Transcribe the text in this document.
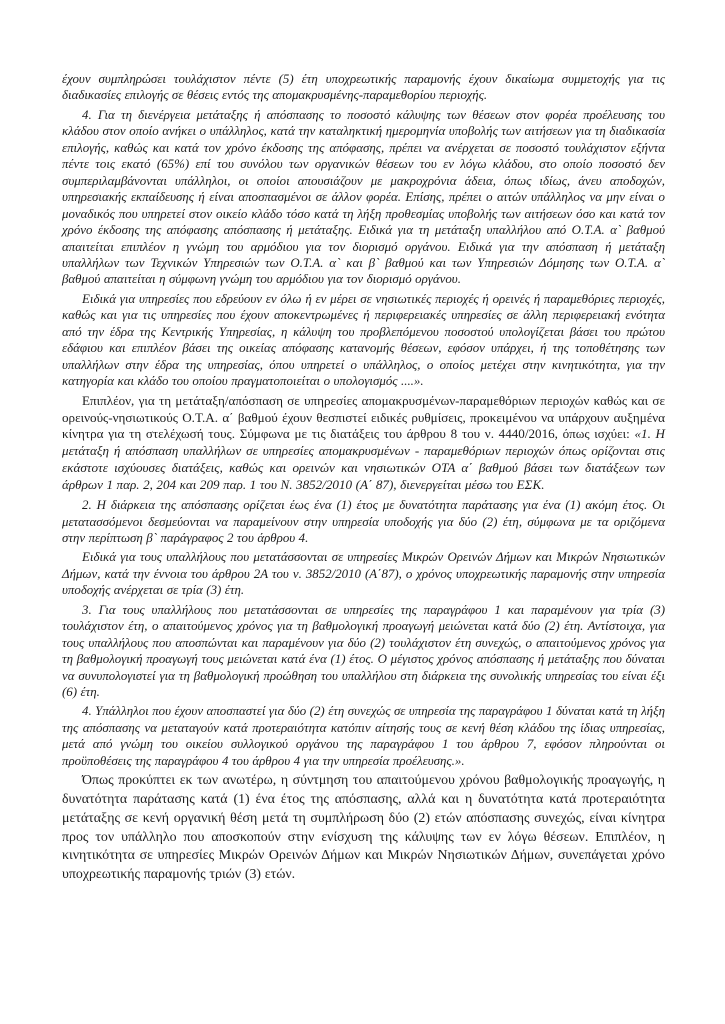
έχουν συμπληρώσει τουλάχιστον πέντε (5) έτη υποχρεωτικής παραμονής έχουν δικαίωμα συμμετοχής για τις διαδικασίες επιλογής σε θέσεις εντός της απομακρυσμένης-παραμεθορίου περιοχής.

4. Για τη διενέργεια μετάταξης ή απόσπασης το ποσοστό κάλυψης των θέσεων στον φορέα προέλευσης του κλάδου στον οποίο ανήκει ο υπάλληλος, κατά την καταληκτική ημερομηνία υποβολής των αιτήσεων για τη διαδικασία επιλογής, καθώς και κατά τον χρόνο έκδοσης της απόφασης, πρέπει να ανέρχεται σε ποσοστό τουλάχιστον εξήντα πέντε τοις εκατό (65%) επί του συνόλου των οργανικών θέσεων του εν λόγω κλάδου, στο οποίο ποσοστό δεν συμπεριλαμβάνονται υπάλληλοι, οι οποίοι απουσιάζουν με μακροχρόνια άδεια, όπως ιδίως, άνευ αποδοχών, υπηρεσιακής εκπαίδευσης ή είναι αποσπασμένοι σε άλλον φορέα. Επίσης, πρέπει ο αιτών υπάλληλος να μην είναι ο μοναδικός που υπηρετεί στον οικείο κλάδο τόσο κατά τη λήξη προθεσμίας υποβολής των αιτήσεων όσο και κατά τον χρόνο έκδοσης της απόφασης απόσπασης ή μετάταξης. Ειδικά για τη μετάταξη υπαλλήλου από Ο.Τ.Α. α` βαθμού απαιτείται επιπλέον η γνώμη του αρμόδιου για τον διορισμό οργάνου. Ειδικά για την απόσπαση ή μετάταξη υπαλλήλων των Τεχνικών Υπηρεσιών των Ο.Τ.Α. α` και β` βαθμού και των Υπηρεσιών Δόμησης των Ο.Τ.Α. α` βαθμού απαιτείται η σύμφωνη γνώμη του αρμόδιου για τον διορισμό οργάνου.

Ειδικά για υπηρεσίες που εδρεύουν εν όλω ή εν μέρει σε νησιωτικές περιοχές ή ορεινές ή παραμεθόριες περιοχές, καθώς και για τις υπηρεσίες που έχουν αποκεντρωμένες ή περιφερειακές υπηρεσίες σε άλλη περιφερειακή ενότητα από την έδρα της Κεντρικής Υπηρεσίας, η κάλυψη του προβλεπόμενου ποσοστού υπολογίζεται βάσει του πρώτου εδάφιου και επιπλέον βάσει της οικείας απόφασης κατανομής θέσεων, εφόσον υπάρχει, ή της τοποθέτησης των υπαλλήλων στην έδρα της υπηρεσίας, όπου υπηρετεί ο υπάλληλος, ο οποίος μετέχει στην κινητικότητα, για την κατηγορία και κλάδο του οποίου πραγματοποιείται ο υπολογισμός ....».

Επιπλέον, για τη μετάταξη/απόσπαση σε υπηρεσίες απομακρυσμένων-παραμεθόριων περιοχών καθώς και σε ορεινούς-νησιωτικούς Ο.Τ.Α. α΄ βαθμού έχουν θεσπιστεί ειδικές ρυθμίσεις, προκειμένου να υπάρχουν αυξημένα κίνητρα για τη στελέχωσή τους. Σύμφωνα με τις διατάξεις του άρθρου 8 του ν. 4440/2016, όπως ισχύει: «1. Η μετάταξη ή απόσπαση υπαλλήλων σε υπηρεσίες απομακρυσμένων - παραμεθόριων περιοχών όπως ορίζονται στις εκάστοτε ισχύουσες διατάξεις, καθώς και ορεινών και νησιωτικών ΟΤΑ α΄ βαθμού βάσει των διατάξεων των άρθρων 1 παρ. 2, 204 και 209 παρ. 1 του Ν. 3852/2010 (Α΄ 87), διενεργείται μέσω του ΕΣΚ.

2. Η διάρκεια της απόσπασης ορίζεται έως ένα (1) έτος με δυνατότητα παράτασης για ένα (1) ακόμη έτος. Οι μετατασσόμενοι δεσμεύονται να παραμείνουν στην υπηρεσία υποδοχής για δύο (2) έτη, σύμφωνα με τα οριζόμενα στην περίπτωση β` παράγραφος 2 του άρθρου 4.

Ειδικά για τους υπαλλήλους που μετατάσσονται σε υπηρεσίες Μικρών Ορεινών Δήμων και Μικρών Νησιωτικών Δήμων, κατά την έννοια του άρθρου 2Α του ν. 3852/2010 (Α΄87), ο χρόνος υποχρεωτικής παραμονής στην υπηρεσία υποδοχής ανέρχεται σε τρία (3) έτη.

3. Για τους υπαλλήλους που μετατάσσονται σε υπηρεσίες της παραγράφου 1 και παραμένουν για τρία (3) τουλάχιστον έτη, ο απαιτούμενος χρόνος για τη βαθμολογική προαγωγή μειώνεται κατά δύο (2) έτη. Αντίστοιχα, για τους υπαλλήλους που αποσπώνται και παραμένουν για δύο (2) τουλάχιστον έτη συνεχώς, ο απαιτούμενος χρόνος για τη βαθμολογική προαγωγή τους μειώνεται κατά ένα (1) έτος. Ο μέγιστος χρόνος απόσπασης ή μετάταξης που δύναται να συνυπολογιστεί για τη βαθμολογική προώθηση του υπαλλήλου στη διάρκεια της συνολικής υπηρεσίας του είναι έξι (6) έτη.

4. Υπάλληλοι που έχουν αποσπαστεί για δύο (2) έτη συνεχώς σε υπηρεσία της παραγράφου 1 δύναται κατά τη λήξη της απόσπασης να μεταταγούν κατά προτεραιότητα κατόπιν αίτησής τους σε κενή θέση κλάδου της ίδιας υπηρεσίας, μετά από γνώμη του οικείου συλλογικού οργάνου της παραγράφου 1 του άρθρου 7, εφόσον πληρούνται οι προϋποθέσεις της παραγράφου 4 του άρθρου 4 για την υπηρεσία προέλευσης.».

Όπως προκύπτει εκ των ανωτέρω, η σύντμηση του απαιτούμενου χρόνου βαθμολογικής προαγωγής, η δυνατότητα παράτασης κατά (1) ένα έτος της απόσπασης, αλλά και η δυνατότητα κατά προτεραιότητα μετάταξης σε κενή οργανική θέση μετά τη συμπλήρωση δύο (2) ετών απόσπασης συνεχώς, είναι κίνητρα προς τον υπάλληλο που αποσκοπούν στην ενίσχυση της κάλυψης των εν λόγω θέσεων. Επιπλέον, η κινητικότητα σε υπηρεσίες Μικρών Ορεινών Δήμων και Μικρών Νησιωτικών Δήμων, συνεπάγεται χρόνο υποχρεωτικής παραμονής τριών (3) ετών.
